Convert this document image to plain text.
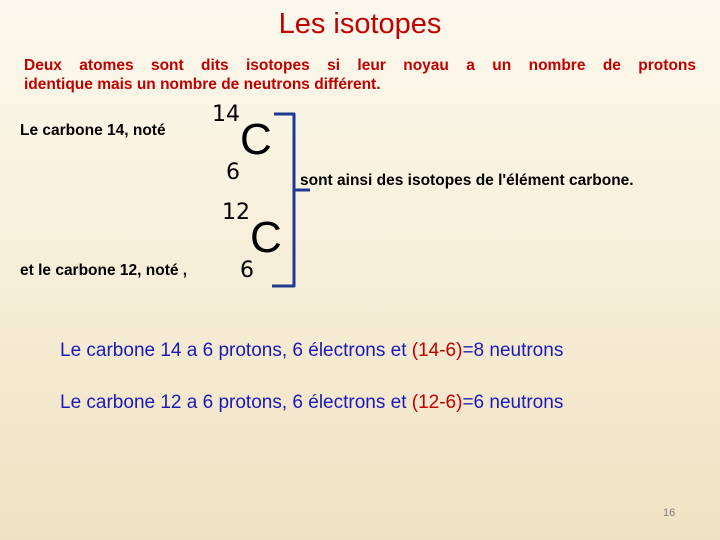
Les isotopes
Deux atomes sont dits isotopes si leur noyau a un nombre de protons
identique mais un nombre de neutrons différent.
Le carbone 14, noté
14
6
C
12
C
et le carbone 12, noté , 6
sont ainsi des isotopes de l'élément carbone.
Le carbone 14 a 6 protons, 6 électrons et (14-6)=8 neutrons
Le carbone 12 a 6 protons, 6 électrons et (12-6)=6 neutrons
16
